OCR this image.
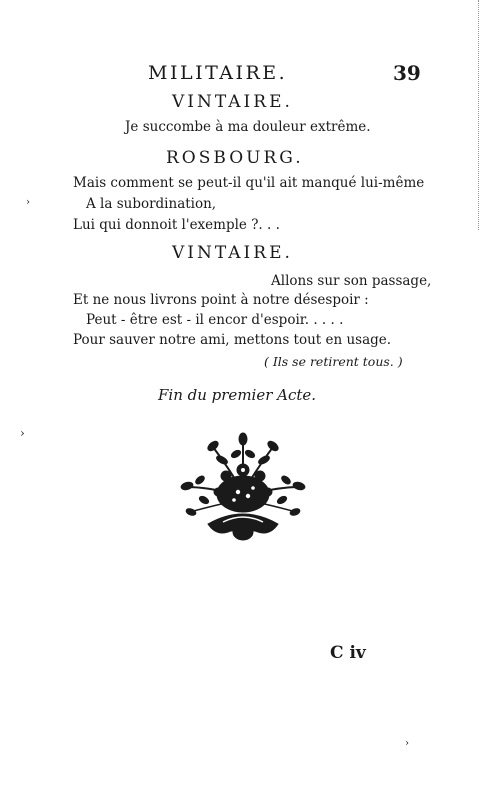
MILITAIRE.	39
VINTAIRE.
Je succombe à ma douleur extrême.
ROSBOURG.
Mais comment se peut-il qu'il ait manqué lui-même
A la subordination,
Lui qui donnoit l'exemple ?. . .
VINTAIRE.
Allons sur son passage,
Et ne nous livrons point à notre désespoir :
Peut - être est - il encor d'espoir. . . . .
Pour sauver notre ami, mettons tout en usage.
( Ils se retirent tous. )
Fin du premier Acte.
C iv
›
›
›
